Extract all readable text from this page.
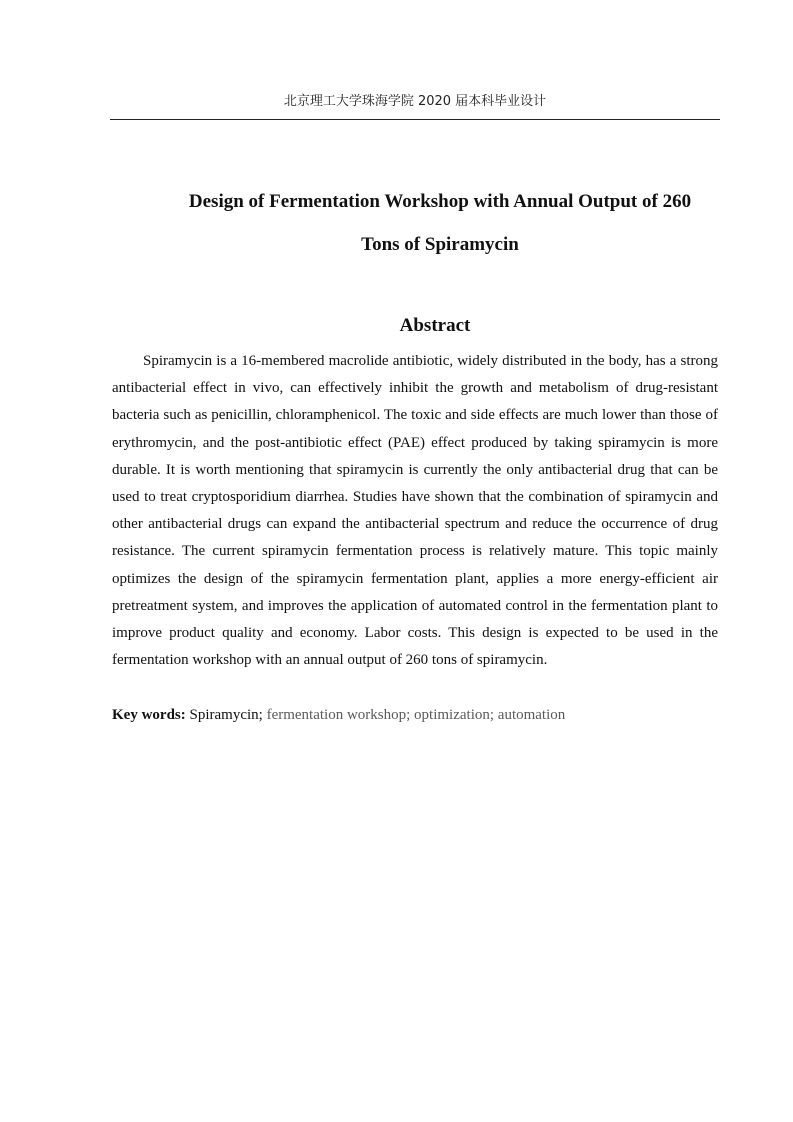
北京理工大学珠海学院 2020 届本科毕业设计
Design of Fermentation Workshop with Annual Output of 260
Tons of Spiramycin
Abstract

Spiramycin is a 16-membered macrolide antibiotic, widely distributed in the body, has a strong antibacterial effect in vivo, can effectively inhibit the growth and metabolism of drug-resistant bacteria such as penicillin, chloramphenicol. The toxic and side effects are much lower than those of erythromycin, and the post-antibiotic effect (PAE) effect produced by taking spiramycin is more durable. It is worth mentioning that spiramycin is currently the only antibacterial drug that can be used to treat cryptosporidium diarrhea. Studies have shown that the combination of spiramycin and other antibacterial drugs can expand the antibacterial spectrum and reduce the occurrence of drug resistance. The current spiramycin fermentation process is relatively mature. This topic mainly optimizes the design of the spiramycin fermentation plant, applies a more energy-efficient air pretreatment system, and improves the application of automated control in the fermentation plant to improve product quality and economy. Labor costs. This design is expected to be used in the fermentation workshop with an annual output of 260 tons of spiramycin.

Key words: Spiramycin; fermentation workshop; optimization; automation
